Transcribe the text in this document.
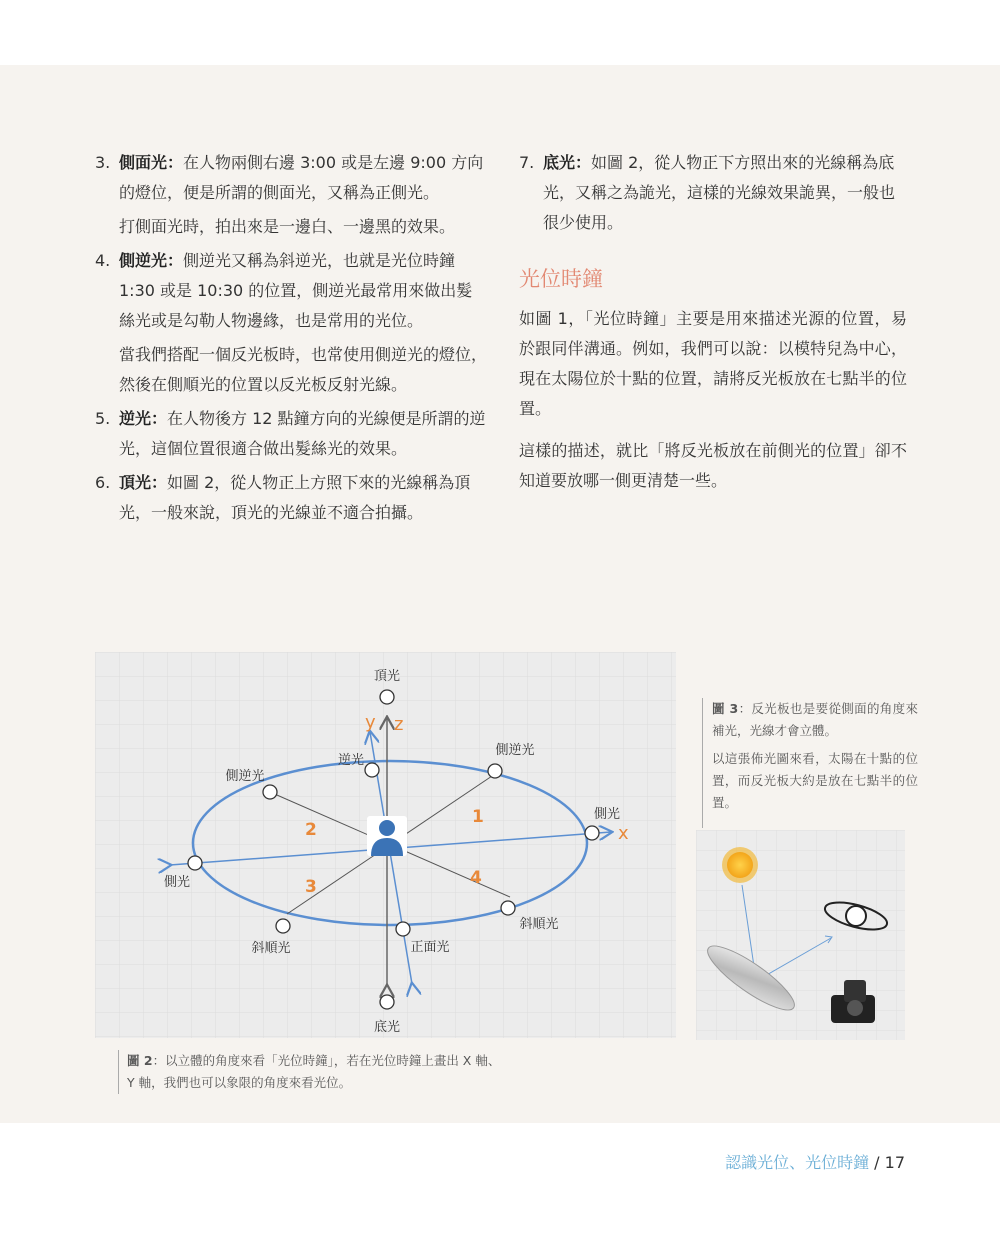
3. 側面光：在人物兩側右邊 3:00 或是左邊 9:00 方向的燈位，便是所謂的側面光，又稱為正側光。

打側面光時，拍出來是一邊白、一邊黑的效果。

4. 側逆光：側逆光又稱為斜逆光，也就是光位時鐘 1:30 或是 10:30 的位置，側逆光最常用來做出髮絲光或是勾勒人物邊緣，也是常用的光位。

當我們搭配一個反光板時，也常使用側逆光的燈位，然後在側順光的位置以反光板反射光線。

5. 逆光：在人物後方 12 點鐘方向的光線便是所謂的逆光，這個位置很適合做出髮絲光的效果。

6. 頂光：如圖 2，從人物正上方照下來的光線稱為頂光，一般來說，頂光的光線並不適合拍攝。

7. 底光：如圖 2，從人物正下方照出來的光線稱為底光，又稱之為詭光，這樣的光線效果詭異，一般也很少使用。

光位時鐘

如圖 1，「光位時鐘」主要是用來描述光源的位置，易於跟同伴溝通。例如，我們可以說：以模特兒為中心，現在太陽位於十點的位置，請將反光板放在七點半的位置。

這樣的描述，就比「將反光板放在前側光的位置」卻不知道要放哪一側更清楚一些。

頂光
底光
逆光
側逆光
側逆光
側光
側光
斜順光
斜順光	正面光
y z
x
1
2
3	4
圖 2：以立體的角度來看「光位時鐘」，若在光位時鐘上畫出 X 軸、Y 軸，我們也可以象限的角度來看光位。

圖 3：反光板也是要從側面的角度來補光，光線才會立體。

以這張佈光圖來看，太陽在十點的位置，而反光板大約是放在七點半的位置。

認識光位、光位時鐘 / 17
